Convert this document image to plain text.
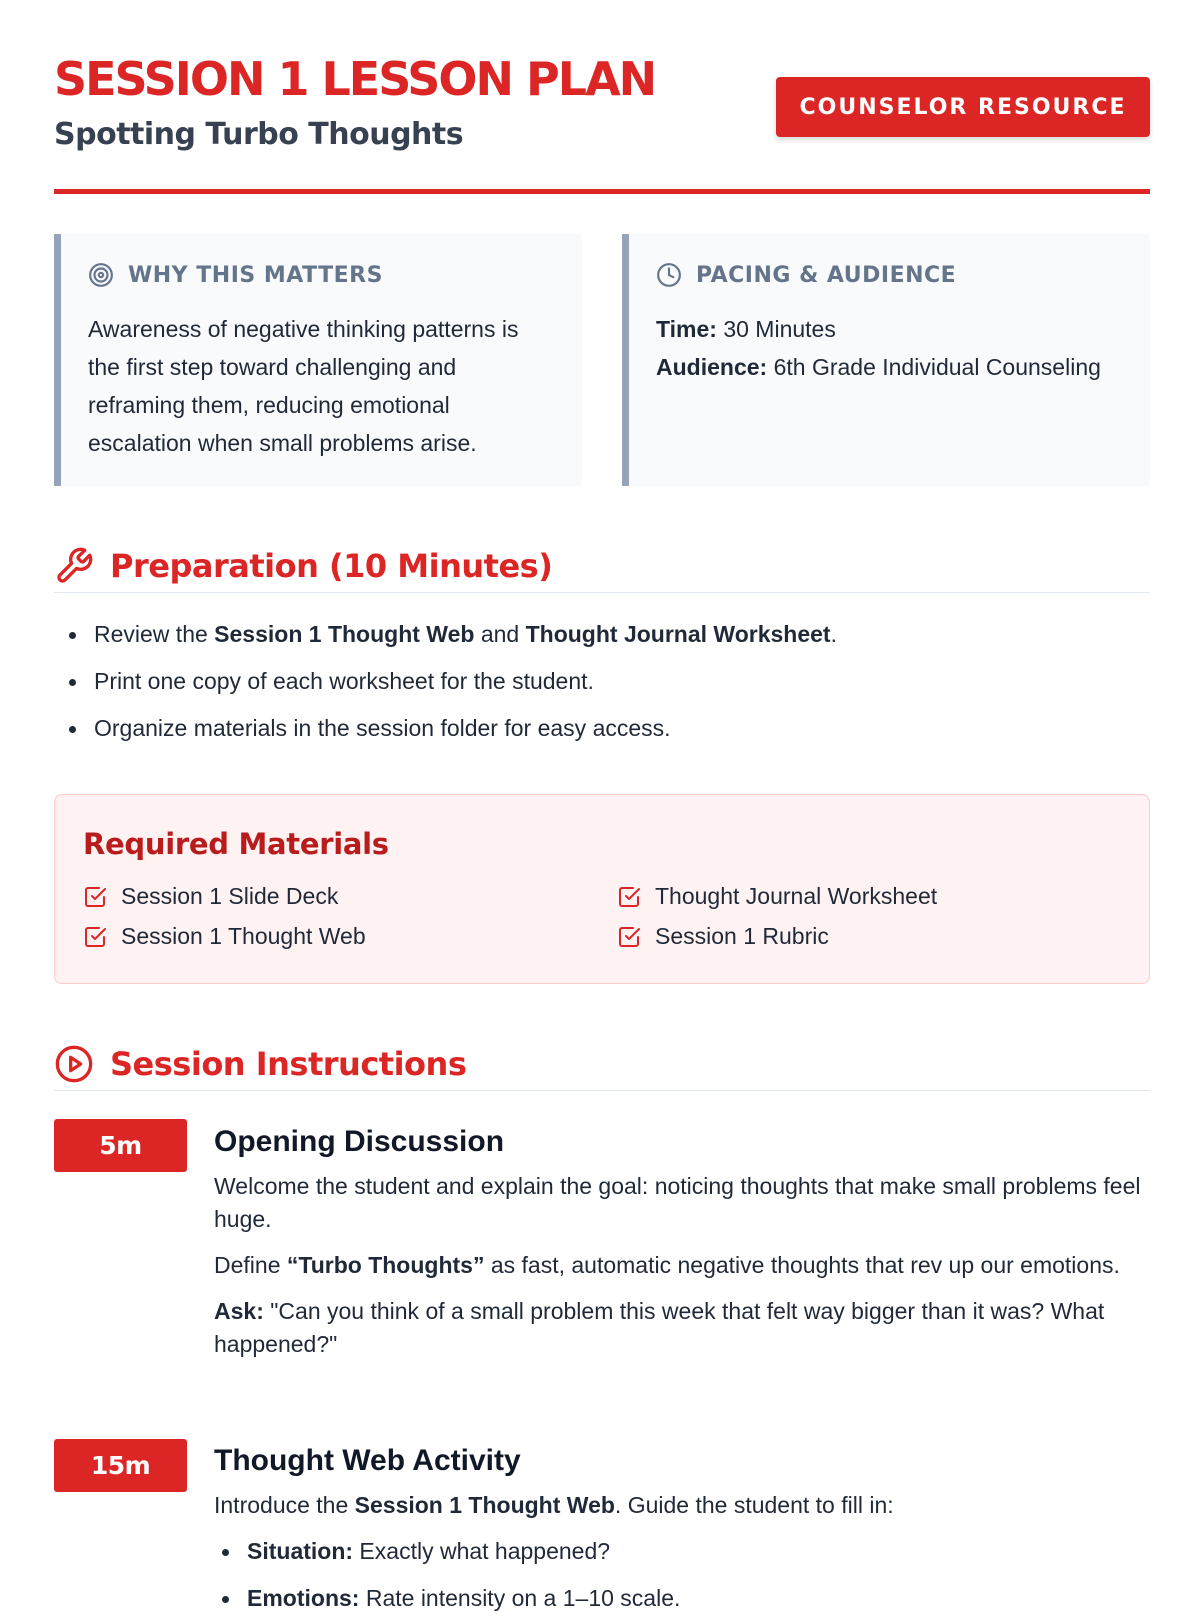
SESSION 1 LESSON PLAN
Spotting Turbo Thoughts
COUNSELOR RESOURCE
WHY THIS MATTERS

Awareness of negative thinking patterns is the first step toward challenging and reframing them, reducing emotional escalation when small problems arise.

PACING & AUDIENCE

Time: 30 Minutes

Audience: 6th Grade Individual Counseling

Preparation (10 Minutes)
Review the Session 1 Thought Web and Thought Journal Worksheet.
Print one copy of each worksheet for the student.
Organize materials in the session folder for easy access.
Required Materials
Session 1 Slide Deck	Thought Journal Worksheet
Session 1 Thought Web	Session 1 Rubric
Session Instructions
5m	Opening Discussion

Welcome the student and explain the goal: noticing thoughts that make small problems feel huge.

Define “Turbo Thoughts” as fast, automatic negative thoughts that rev up our emotions.

Ask: "Can you think of a small problem this week that felt way bigger than it was? What happened?"

15m	Thought Web Activity

Introduce the Session 1 Thought Web. Guide the student to fill in:

Situation: Exactly what happened?
Emotions: Rate intensity on a 1–10 scale.
